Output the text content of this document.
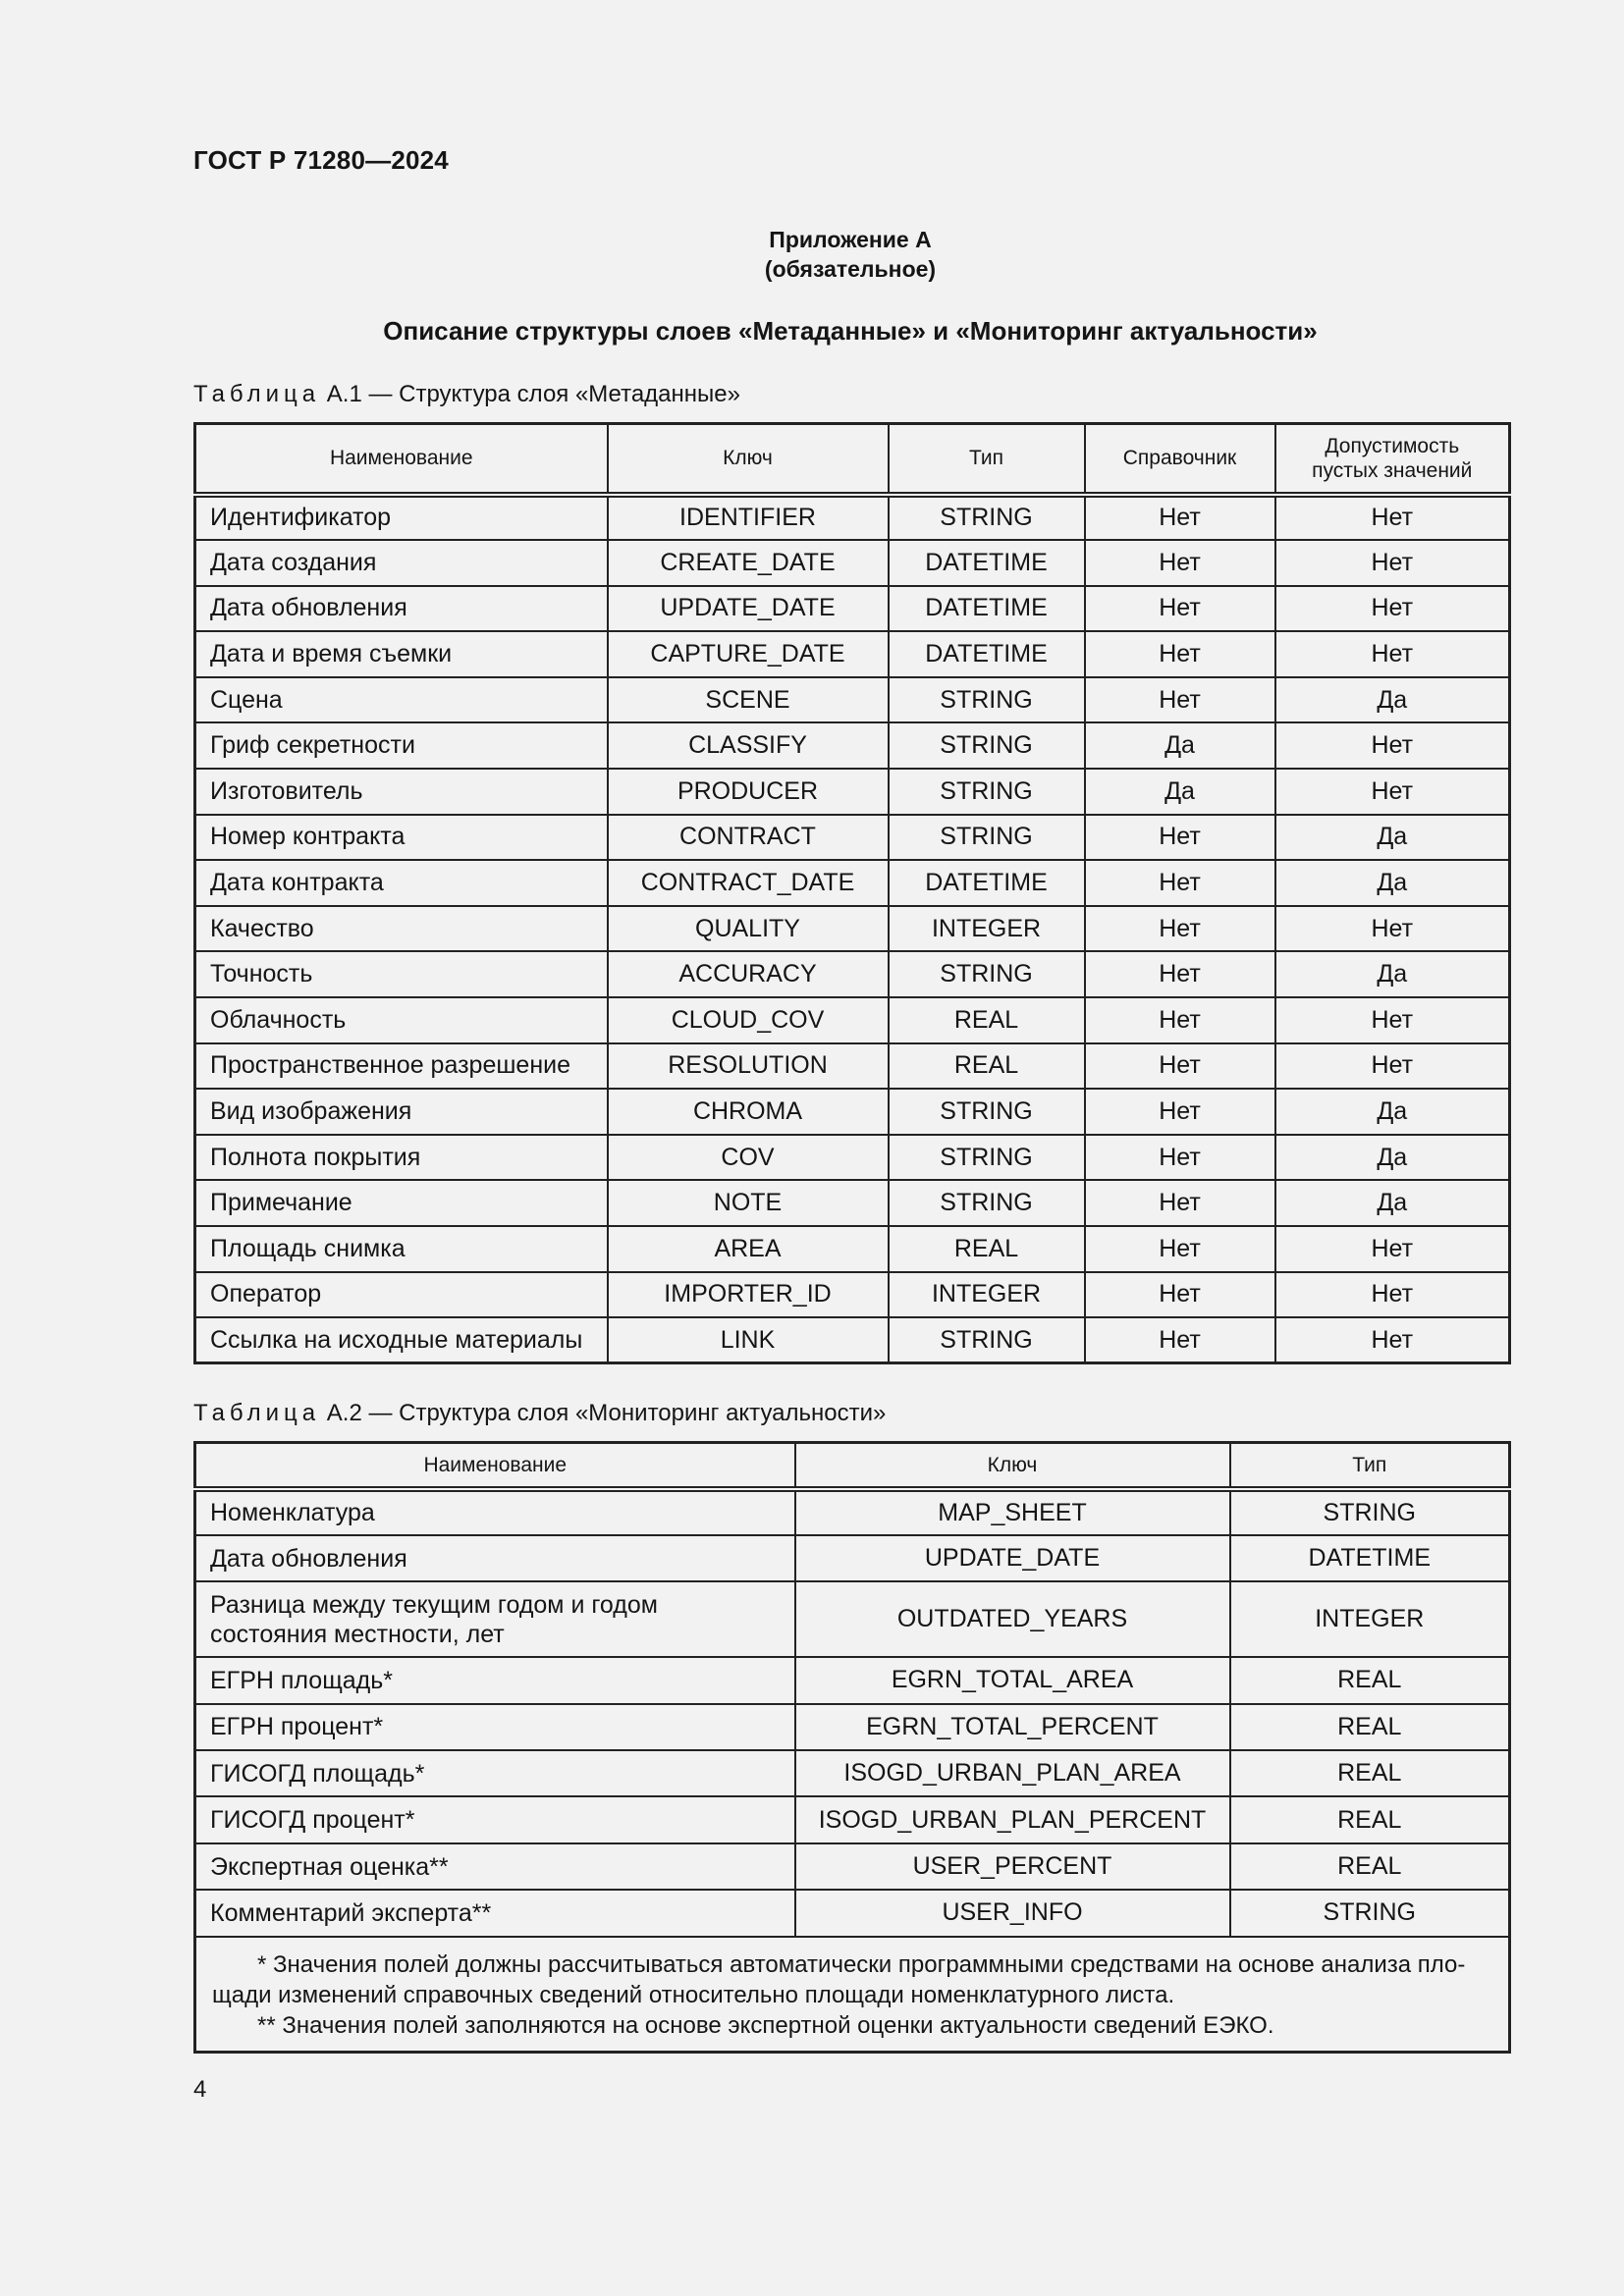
ГОСТ Р 71280—2024
Приложение А
(обязательное)
Описание структуры слоев «Метаданные» и «Мониторинг актуальности»
Таблица А.1 — Структура слоя «Метаданные»
Наименование	Ключ	Тип	Справочник	Допустимость пустых значений
Идентификатор	IDENTIFIER	STRING	Нет	Нет
Дата создания	CREATE_DATE	DATETIME	Нет	Нет
Дата обновления	UPDATE_DATE	DATETIME	Нет	Нет
Дата и время съемки	CAPTURE_DATE	DATETIME	Нет	Нет
Сцена	SCENE	STRING	Нет	Да
Гриф секретности	CLASSIFY	STRING	Да	Нет
Изготовитель	PRODUCER	STRING	Да	Нет
Номер контракта	CONTRACT	STRING	Нет	Да
Дата контракта	CONTRACT_DATE	DATETIME	Нет	Да
Качество	QUALITY	INTEGER	Нет	Нет
Точность	ACCURACY	STRING	Нет	Да
Облачность	CLOUD_COV	REAL	Нет	Нет
Пространственное разрешение	RESOLUTION	REAL	Нет	Нет
Вид изображения	CHROMA	STRING	Нет	Да
Полнота покрытия	COV	STRING	Нет	Да
Примечание	NOTE	STRING	Нет	Да
Площадь снимка	AREA	REAL	Нет	Нет
Оператор	IMPORTER_ID	INTEGER	Нет	Нет
Ссылка на исходные материалы	LINK	STRING	Нет	Нет
Таблица А.2 — Структура слоя «Мониторинг актуальности»
Наименование	Ключ	Тип
Номенклатура	MAP_SHEET	STRING
Дата обновления	UPDATE_DATE	DATETIME
Разница между текущим годом и годом состояния местности, лет	OUTDATED_YEARS	INTEGER
ЕГРН площадь*	EGRN_TOTAL_AREA	REAL
ЕГРН процент*	EGRN_TOTAL_PERCENT	REAL
ГИСОГД площадь*	ISOGD_URBAN_PLAN_AREA	REAL
ГИСОГД процент*	ISOGD_URBAN_PLAN_PERCENT	REAL
Экспертная оценка**	USER_PERCENT	REAL
Комментарий эксперта**	USER_INFO	STRING

* Значения полей должны рассчитываться автоматически программными средствами на основе анализа площади изменений справочных сведений относительно площади номенклатурного листа.
** Значения полей заполняются на основе экспертной оценки актуальности сведений ЕЭКО.		
4
